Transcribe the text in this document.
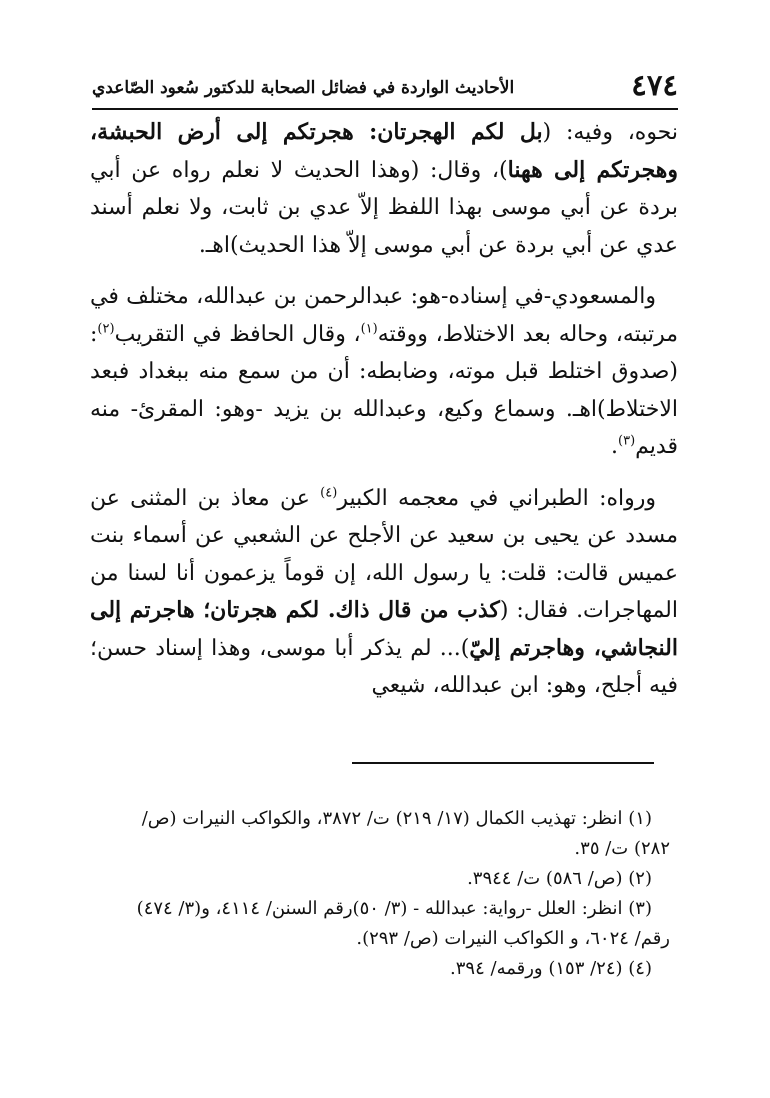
٤٧٤
الأحاديث الواردة في فضائل الصحابة للدكتور سُعود الصّاعدي

نحوه، وفيه: (بل لكم الهجرتان: هجرتكم إلى أرض الحبشة، وهجرتكم إلى ههنا)، وقال: (وهذا الحديث لا نعلم رواه عن أبي بردة عن أبي موسى بهذا اللفظ إلاّ عدي بن ثابت، ولا نعلم أسند عدي عن أبي بردة عن أبي موسى إلاّ هذا الحديث)اهـ.

والمسعودي-في إسناده-هو: عبدالرحمن بن عبدالله، مختلف في مرتبته، وحاله بعد الاختلاط، ووقته$^{(١)}$، وقال الحافظ في التقريب$^{(٢)}$: (صدوق اختلط قبل موته، وضابطه: أن من سمع منه ببغداد فبعد الاختلاط)اهـ. وسماع وكيع، وعبدالله بن يزيد -وهو: المقرئ- منه قديم$^{(٣)}$.

ورواه: الطبراني في معجمه الكبير$^{(٤)}$ عن معاذ بن المثنى عن مسدد عن يحيى بن سعيد عن الأجلح عن الشعبي عن أسماء بنت عميس قالت: قلت: يا رسول الله، إن قوماً يزعمون أنا لسنا من المهاجرات. فقال: (كذب من قال ذاك. لكم هجرتان؛ هاجرتم إلى النجاشي، وهاجرتم إليّ)... لم يذكر أبا موسى، وهذا إسناد حسن؛ فيه أجلح، وهو: ابن عبدالله، شيعي

(١) انظر: تهذيب الكمال (١٧/ ٢١٩) ت/ ٣٨٧٢، والكواكب النيرات (ص/

٢٨٢) ت/ ٣٥.

(٢) (ص/ ٥٨٦) ت/ ٣٩٤٤.

(٣) انظر: العلل -رواية: عبدالله - (٣/ ٥٠)رقم السنن/ ٤١١٤، و(٣/ ٤٧٤)

رقم/ ٦٠٢٤، و الكواكب النيرات (ص/ ٢٩٣).

(٤) (٢٤/ ١٥٣) ورقمه/ ٣٩٤.
